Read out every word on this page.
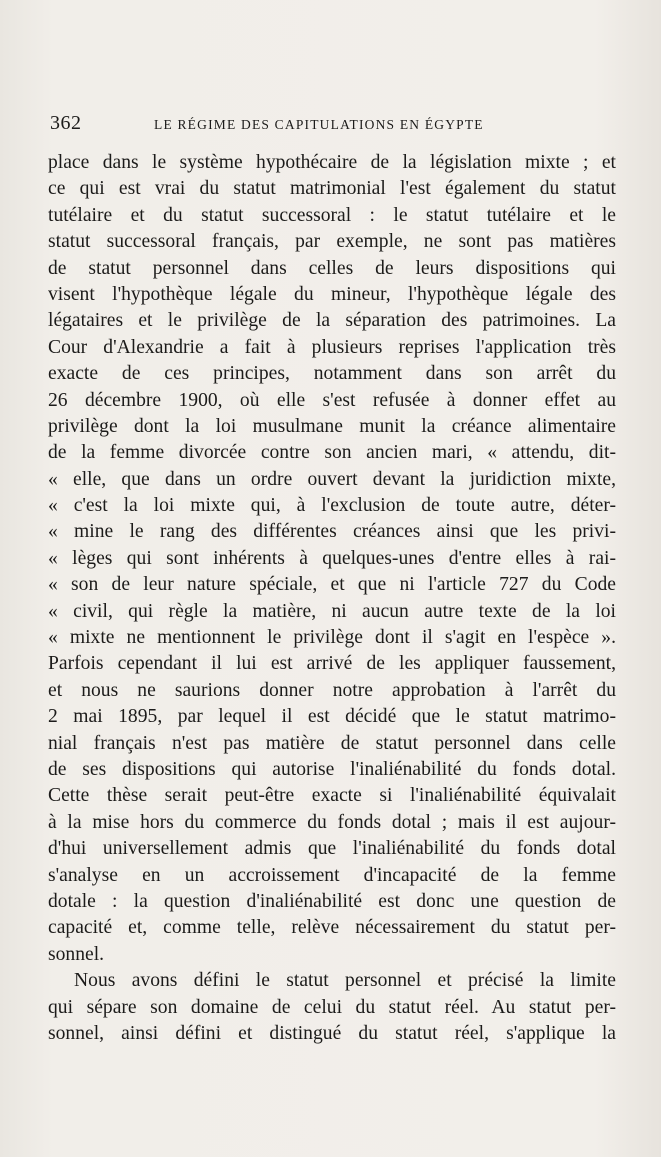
362	LE RÉGIME DES CAPITULATIONS EN ÉGYPTE
place dans le système hypothécaire de la législation mixte ; et
ce qui est vrai du statut matrimonial l'est également du statut
tutélaire et du statut successoral : le statut tutélaire et le
statut successoral français, par exemple, ne sont pas matières
de statut personnel dans celles de leurs dispositions qui
visent l'hypothèque légale du mineur, l'hypothèque légale des
légataires et le privilège de la séparation des patrimoines. La
Cour d'Alexandrie a fait à plusieurs reprises l'application très
exacte de ces principes, notamment dans son arrêt du
26 décembre 1900, où elle s'est refusée à donner effet au
privilège dont la loi musulmane munit la créance alimentaire
de la femme divorcée contre son ancien mari, « attendu, dit-
« elle, que dans un ordre ouvert devant la juridiction mixte,
« c'est la loi mixte qui, à l'exclusion de toute autre, déter-
« mine le rang des différentes créances ainsi que les privi-
« lèges qui sont inhérents à quelques-unes d'entre elles à rai-
« son de leur nature spéciale, et que ni l'article 727 du Code
« civil, qui règle la matière, ni aucun autre texte de la loi
« mixte ne mentionnent le privilège dont il s'agit en l'espèce ».
Parfois cependant il lui est arrivé de les appliquer faussement,
et nous ne saurions donner notre approbation à l'arrêt du
2 mai 1895, par lequel il est décidé que le statut matrimo-
nial français n'est pas matière de statut personnel dans celle
de ses dispositions qui autorise l'inaliénabilité du fonds dotal.
Cette thèse serait peut-être exacte si l'inaliénabilité équivalait
à la mise hors du commerce du fonds dotal ; mais il est aujour-
d'hui universellement admis que l'inaliénabilité du fonds dotal
s'analyse en un accroissement d'incapacité de la femme
dotale : la question d'inaliénabilité est donc une question de
capacité et, comme telle, relève nécessairement du statut per-
sonnel.
Nous avons défini le statut personnel et précisé la limite
qui sépare son domaine de celui du statut réel. Au statut per-
sonnel, ainsi défini et distingué du statut réel, s'applique la
